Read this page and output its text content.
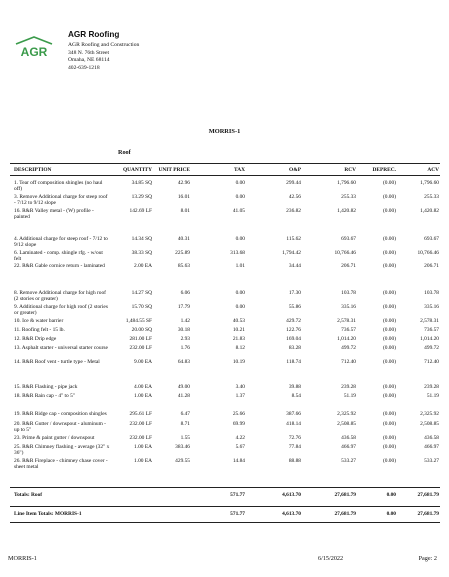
AGR
AGR Roofing
AGR Roofing and Construction
348 N. 76th Street
Omaha, NE 68114
402-639-1218
MORRIS-1
Roof
DESCRIPTION	QUANTITY UNIT PRICE	TAX	O&P	RCV	DEPREC.	ACV
1. Tear off composition shingles (no haul off)
34.85 SQ	42.96	0.00	299.44	1,796.60	(0.00)	1,796.60
3. Remove Additional charge for steep roof - 7/12 to 9/12 slope
13.29 SQ	16.01	0.00	42.56	255.33	(0.00)	255.33
16. R&R Valley metal - (W) profile - painted
142.69 LF	8.01	41.05	236.82	1,420.82	(0.00)	1,420.82
4. Additional charge for steep roof - 7/12 to 9/12 slope
14.34 SQ	40.31	0.00	115.62	693.67	(0.00)	693.67
6. Laminated - comp. shingle rfg. - w/out felt
38.33 SQ	225.89	313.68	1,794.42	10,766.46	(0.00)	10,766.46
22. R&R Gable cornice return - laminated	2.00 EA	85.63	1.01	34.44	206.71	(0.00)	206.71
8. Remove Additional charge for high roof (2 stories or greater)
14.27 SQ	6.06	0.00	17.30	103.78	(0.00)	103.78
9. Additional charge for high roof (2 stories or greater)
15.70 SQ	17.79	0.00	55.86	335.16	(0.00)	335.16
10. Ice & water barrier	1,484.55 SF	1.42	40.53	429.72	2,578.31	(0.00)	2,578.31
11. Roofing felt - 15 lb.	20.00 SQ	30.18	10.21	122.76	736.57	(0.00)	736.57
12. R&R Drip edge	281.00 LF	2.93	21.83	169.04	1,014.20	(0.00)	1,014.20
13. Asphalt starter - universal starter course	232.00 LF	1.76	8.12	83.28	499.72	(0.00)	499.72
14. R&R Roof vent - turtle type - Metal	9.00 EA	64.83	10.19	118.74	712.40	(0.00)	712.40
15. R&R Flashing - pipe jack	4.00 EA	49.00	3.40	39.88	239.28	(0.00)	239.28
18. R&R Rain cap - 4" to 5"	1.00 EA	41.28	1.37	8.54	51.19	(0.00)	51.19
19. R&R Ridge cap - composition shingles	295.61 LF	6.47	25.66	387.66	2,325.92	(0.00)	2,325.92
20. R&R Gutter / downspout - aluminum - up to 5"
232.00 LF	8.71	69.99	418.14	2,508.85	(0.00)	2,508.85
23. Prime & paint gutter / downspout	232.00 LF	1.55	4.22	72.76	436.58	(0.00)	436.58
25. R&R Chimney flashing - average (32" x 36")
1.00 EA	383.46	5.67	77.84	466.97	(0.00)	466.97
26. R&R Fireplace - chimney chase cover - sheet metal
1.00 EA	429.55	14.84	88.88	533.27	(0.00)	533.27
Totals: Roof	571.77	4,613.70	27,681.79	0.00	27,681.79
Line Item Totals: MORRIS-1	571.77	4,613.70	27,681.79	0.00	27,681.79
MORRIS-1	6/15/2022	Page: 2
